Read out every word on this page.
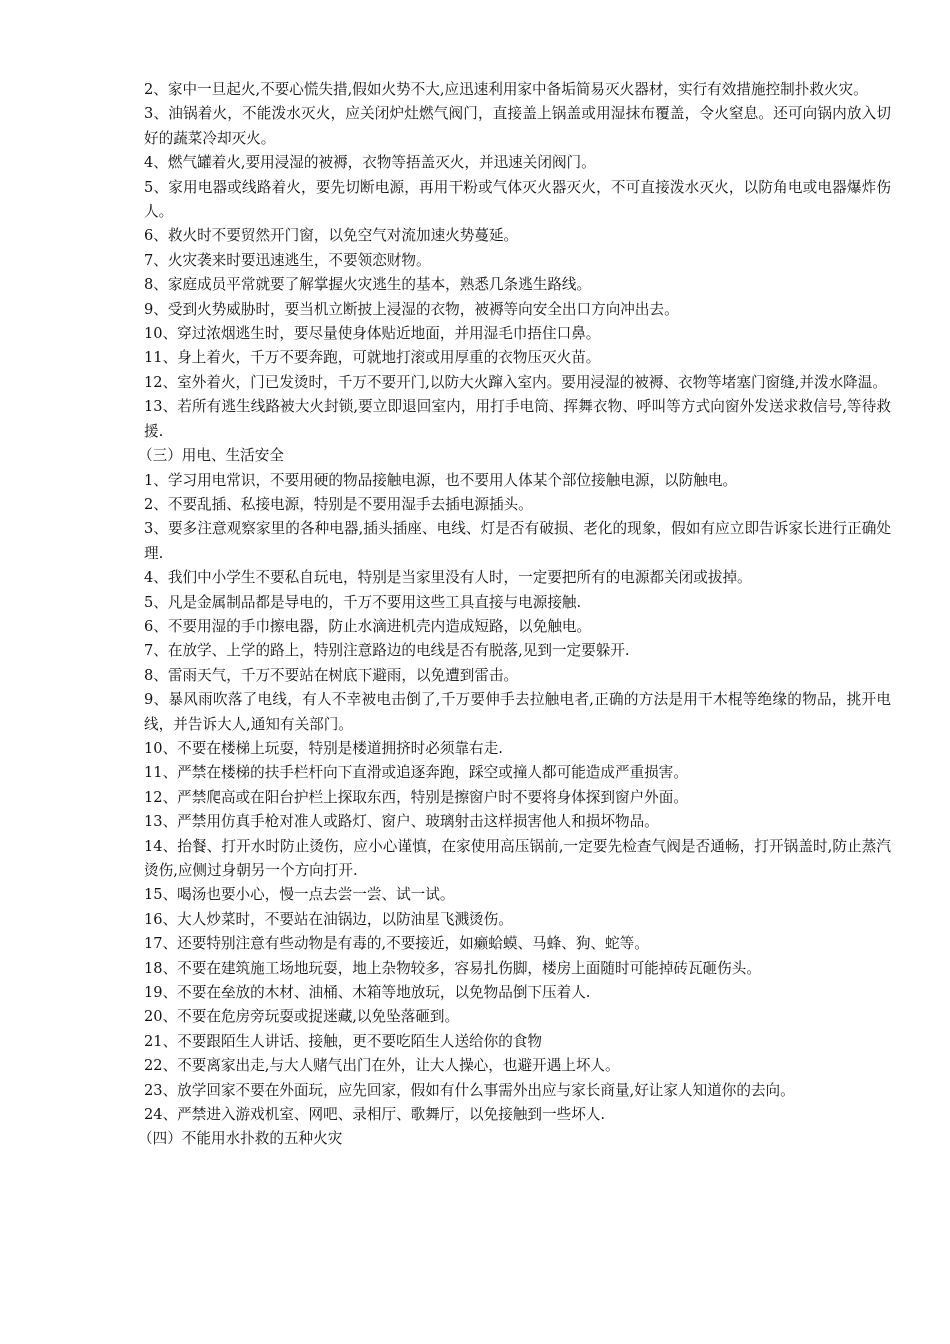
2、家中一旦起火,不要心慌失措,假如火势不大,应迅速利用家中备垢简易灭火器材，实行有效措施控制扑救火灾。

3、油锅着火，不能泼水灭火，应关闭炉灶燃气阀门，直接盖上锅盖或用湿抹布覆盖，令火窒息。还可向锅内放入切好的蔬菜冷却灭火。

4、燃气罐着火,要用浸湿的被褥，衣物等捂盖灭火，并迅速关闭阀门。

5、家用电器或线路着火，要先切断电源，再用干粉或气体灭火器灭火，不可直接泼水灭火，以防角电或电器爆炸伤人。

6、救火时不要贸然开门窗，以免空气对流加速火势蔓延。

7、火灾袭来时要迅速逃生，不要领恋财物。

8、家庭成员平常就要了解掌握火灾逃生的基本，熟悉几条逃生路线。

9、受到火势威胁时，要当机立断披上浸湿的衣物，被褥等向安全出口方向冲出去。

10、穿过浓烟逃生时，要尽量使身体贴近地面，并用湿毛巾捂住口鼻。

11、身上着火，千万不要奔跑，可就地打滚或用厚重的衣物压灭火苗。

12、室外着火，门已发烫时，千万不要开门,以防大火蹿入室内。要用浸湿的被褥、衣物等堵塞门窗缝,并泼水降温。

13、若所有逃生线路被大火封锁,要立即退回室内，用打手电筒、挥舞衣物、呼叫等方式向窗外发送求救信号,等待救援.

（三）用电、生活安全

1、学习用电常识，不要用硬的物品接触电源，也不要用人体某个部位接触电源，以防触电。

2、不要乱插、私接电源，特别是不要用湿手去插电源插头。

3、要多注意观察家里的各种电器,插头插座、电线、灯是否有破损、老化的现象，假如有应立即告诉家长进行正确处理.

4、我们中小学生不要私自玩电，特别是当家里没有人时，一定要把所有的电源都关闭或拔掉。

5、凡是金属制品都是导电的，千万不要用这些工具直接与电源接触.

6、不要用湿的手巾擦电器，防止水滴进机壳内造成短路，以免触电。

7、在放学、上学的路上，特别注意路边的电线是否有脱落,见到一定要躲开.

8、雷雨天气，千万不要站在树底下避雨，以免遭到雷击。

9、暴风雨吹落了电线，有人不幸被电击倒了,千万要伸手去拉触电者,正确的方法是用干木棍等绝缘的物品，挑开电线，并告诉大人,通知有关部门。

10、不要在楼梯上玩耍，特别是楼道拥挤时必须靠右走.

11、严禁在楼梯的扶手栏杆向下直滑或追逐奔跑，踩空或撞人都可能造成严重损害。

12、严禁爬高或在阳台护栏上探取东西，特别是擦窗户时不要将身体探到窗户外面。

13、严禁用仿真手枪对准人或路灯、窗户、玻璃射击这样损害他人和损坏物品。

14、抬餐、打开水时防止烫伤，应小心谨慎，在家使用高压锅前,一定要先检查气阀是否通畅，打开锅盖时,防止蒸汽烫伤,应侧过身朝另一个方向打开.

15、喝汤也要小心，慢一点去尝一尝、试一试。

16、大人炒菜时，不要站在油锅边，以防油星飞溅烫伤。

17、还要特别注意有些动物是有毒的,不要接近，如癞蛤蟆、马蜂、狗、蛇等。

18、不要在建筑施工场地玩耍，地上杂物较多，容易扎伤脚，楼房上面随时可能掉砖瓦砸伤头。

19、不要在垒放的木材、油桶、木箱等地放玩，以免物品倒下压着人.

20、不要在危房旁玩耍或捉迷藏,以免坠落砸到。

21、不要跟陌生人讲话、接触，更不要吃陌生人送给你的食物

22、不要离家出走,与大人赌气出门在外，让大人操心，也避开遇上坏人。

23、放学回家不要在外面玩，应先回家，假如有什么事需外出应与家长商量,好让家人知道你的去向。

24、严禁进入游戏机室、网吧、录相厅、歌舞厅，以免接触到一些坏人.

（四）不能用水扑救的五种火灾
